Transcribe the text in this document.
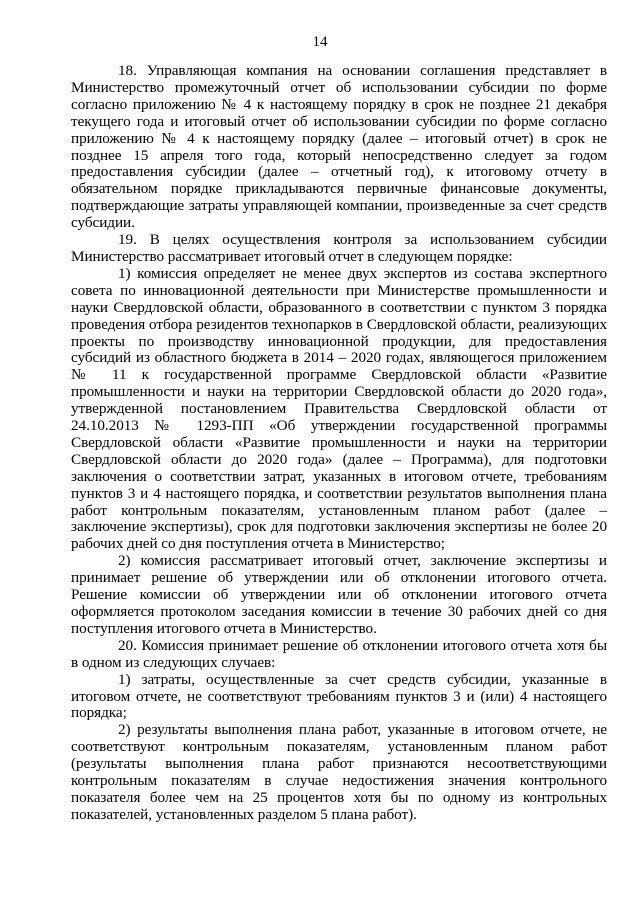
14

18. Управляющая компания на основании соглашения представляет в Министерство промежуточный отчет об использовании субсидии по форме согласно приложению № 4 к настоящему порядку в срок не позднее 21 декабря текущего года и итоговый отчет об использовании субсидии по форме согласно приложению № 4 к настоящему порядку (далее – итоговый отчет) в срок не позднее 15 апреля того года, который непосредственно следует за годом предоставления субсидии (далее – отчетный год), к итоговому отчету в обязательном порядке прикладываются первичные финансовые документы, подтверждающие затраты управляющей компании, произведенные за счет средств субсидии.

19. В целях осуществления контроля за использованием субсидии Министерство рассматривает итоговый отчет в следующем порядке:

1) комиссия определяет не менее двух экспертов из состава экспертного совета по инновационной деятельности при Министерстве промышленности и науки Свердловской области, образованного в соответствии с пунктом 3 порядка проведения отбора резидентов технопарков в Свердловской области, реализующих проекты по производству инновационной продукции, для предоставления субсидий из областного бюджета в 2014 – 2020 годах, являющегося приложением № 11 к государственной программе Свердловской области «Развитие промышленности и науки на территории Свердловской области до 2020 года», утвержденной постановлением Правительства Свердловской области от 24.10.2013 № 1293-ПП «Об утверждении государственной программы Свердловской области «Развитие промышленности и науки на территории Свердловской области до 2020 года» (далее – Программа), для подготовки заключения о соответствии затрат, указанных в итоговом отчете, требованиям пунктов 3 и 4 настоящего порядка, и соответствии результатов выполнения плана работ контрольным показателям, установленным планом работ (далее – заключение экспертизы), срок для подготовки заключения экспертизы не более 20 рабочих дней со дня поступления отчета в Министерство;

2) комиссия рассматривает итоговый отчет, заключение экспертизы и принимает решение об утверждении или об отклонении итогового отчета. Решение комиссии об утверждении или об отклонении итогового отчета оформляется протоколом заседания комиссии в течение 30 рабочих дней со дня поступления итогового отчета в Министерство.

20. Комиссия принимает решение об отклонении итогового отчета хотя бы в одном из следующих случаев:

1) затраты, осуществленные за счет средств субсидии, указанные в итоговом отчете, не соответствуют требованиям пунктов 3 и (или) 4 настоящего порядка;

2) результаты выполнения плана работ, указанные в итоговом отчете, не соответствуют контрольным показателям, установленным планом работ (результаты выполнения плана работ признаются несоответствующими контрольным показателям в случае недостижения значения контрольного показателя более чем на 25 процентов хотя бы по одному из контрольных показателей, установленных разделом 5 плана работ).
